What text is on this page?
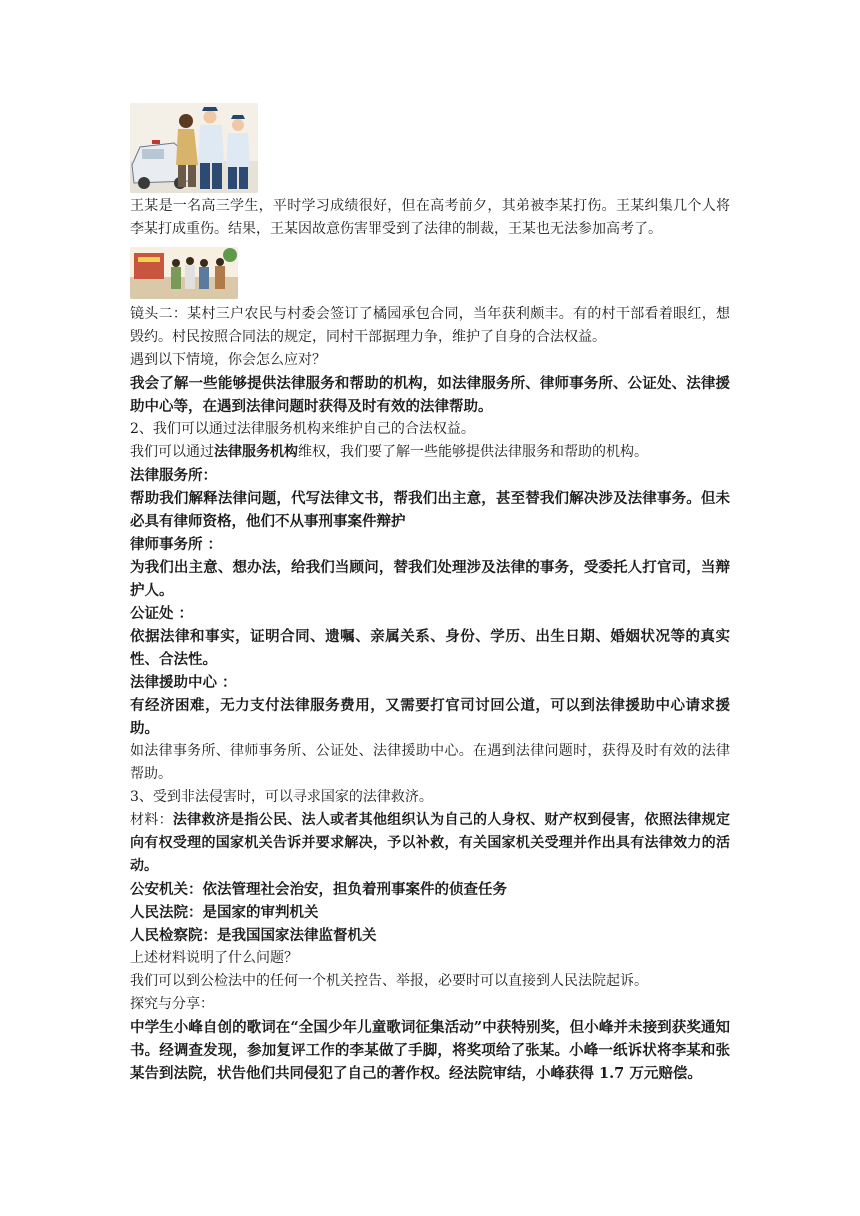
王某是一名高三学生，平时学习成绩很好，但在高考前夕，其弟被李某打伤。王某纠集几个人将李某打成重伤。结果，王某因故意伤害罪受到了法律的制裁，王某也无法参加高考了。

镜头二：某村三户农民与村委会签订了橘园承包合同，当年获利颇丰。有的村干部看着眼红，想毁约。村民按照合同法的规定，同村干部据理力争，维护了自身的合法权益。

遇到以下情境，你会怎么应对？

我会了解一些能够提供法律服务和帮助的机构，如法律服务所、律师事务所、公证处、法律援助中心等，在遇到法律问题时获得及时有效的法律帮助。

2、我们可以通过法律服务机构来维护自己的合法权益。

我们可以通过法律服务机构维权，我们要了解一些能够提供法律服务和帮助的机构。

法律服务所：

帮助我们解释法律问题，代写法律文书，帮我们出主意，甚至替我们解决涉及法律事务。但未必具有律师资格，他们不从事刑事案件辩护

律师事务所 ：

为我们出主意、想办法，给我们当顾问，替我们处理涉及法律的事务，受委托人打官司，当辩护人。

公证处 ：

依据法律和事实，证明合同、遗嘱、亲属关系、身份、学历、出生日期、婚姻状况等的真实性、合法性。

法律援助中心 ：

有经济困难，无力支付法律服务费用，又需要打官司讨回公道，可以到法律援助中心请求援助。

如法律事务所、律师事务所、公证处、法律援助中心。在遇到法律问题时，获得及时有效的法律帮助。

3、受到非法侵害时，可以寻求国家的法律救济。

材料：法律救济是指公民、法人或者其他组织认为自己的人身权、财产权到侵害，依照法律规定向有权受理的国家机关告诉并要求解决，予以补救，有关国家机关受理并作出具有法律效力的活动。

公安机关：依法管理社会治安，担负着刑事案件的侦查任务

人民法院：是国家的审判机关

人民检察院：是我国国家法律监督机关

上述材料说明了什么问题？

我们可以到公检法中的任何一个机关控告、举报，必要时可以直接到人民法院起诉。

探究与分享：

中学生小峰自创的歌词在“全国少年儿童歌词征集活动”中获特别奖，但小峰并未接到获奖通知书。经调查发现，参加复评工作的李某做了手脚，将奖项给了张某。小峰一纸诉状将李某和张某告到法院，状告他们共同侵犯了自己的著作权。经法院审结，小峰获得 1.7 万元赔偿。
